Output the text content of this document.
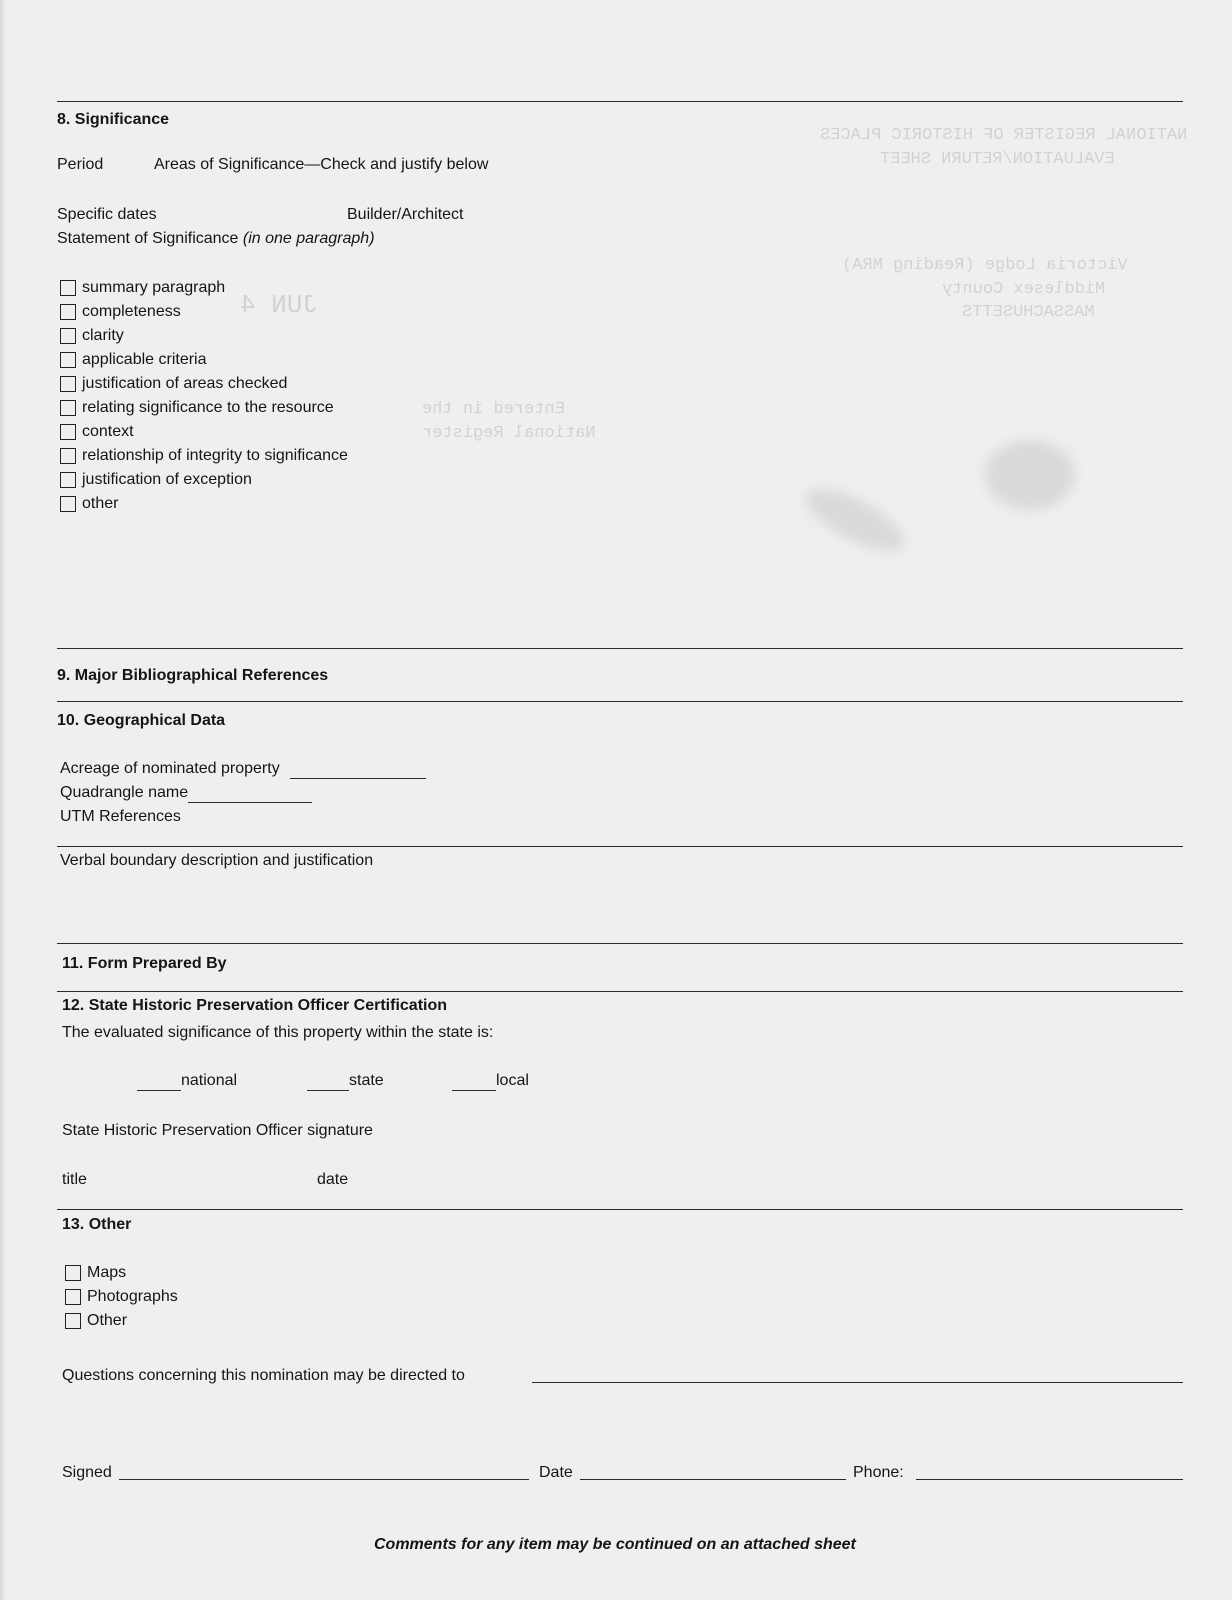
NATIONAL REGISTER OF HISTORIC PLACES
EVALUATION/RETURN SHEET
Victoria Lodge (Reading MRA)
Middlesex County
MASSACHUSETTS
Entered in the
National Register
JUN 4
8. Significance
Period	Areas of Significance—Check and justify below
Specific dates	Builder/Architect
Statement of Significance (in one paragraph)
summary paragraph
completeness
clarity
applicable criteria
justification of areas checked
relating significance to the resource
context
relationship of integrity to significance
justification of exception
other
9. Major Bibliographical References
10. Geographical Data
Acreage of nominated property
Quadrangle name
UTM References
Verbal boundary description and justification
11. Form Prepared By
12. State Historic Preservation Officer Certification
The evaluated significance of this property within the state is:
national	state	local
State Historic Preservation Officer signature
title	date
13. Other
Maps
Photographs
Other
Questions concerning this nomination may be directed to
Signed	Date	Phone:
Comments for any item may be continued on an attached sheet
